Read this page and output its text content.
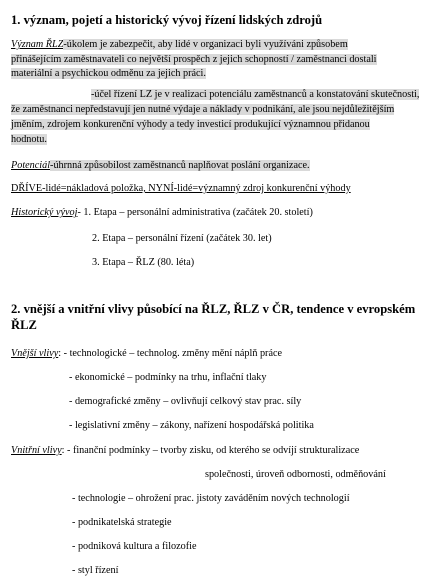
1. význam, pojetí a historický vývoj řízení lidských zdrojů
Význam ŘLZ-úkolem je zabezpečit, aby lidé v organizaci byli využíváni způsobem
přinášejícím zaměstnavateli co největší prospěch z jejich schopností / zaměstnanci dostali
materiální a psychickou odměnu za jejich práci.
-účel řízení LZ je v realizaci potenciálu zaměstnanců a konstatování skutečnosti,
že zaměstnanci nepředstavují jen nutné výdaje a náklady v podnikání, ale jsou nejdůležitějším
jměním, zdrojem konkurenční výhody a tedy investicí produkující významnou přidanou
hodnotu.
Potenciál-úhrnná způsobilost zaměstnanců naplňovat poslání organizace.
DŘÍVE-lidé=nákladová položka, NYNÍ-lidé=významný zdroj konkurenční výhody
Historický vývoj- 1. Etapa – personální administrativa (začátek 20. století)
2. Etapa – personální řízení (začátek 30. let)
3. Etapa – ŘLZ (80. léta)
2. vnější a vnitřní vlivy působící na ŘLZ, ŘLZ v ČR, tendence v evropském
ŘLZ
Vnější vlivy: - technologické – technolog. změny mění náplň práce
- ekonomické – podmínky na trhu, inflační tlaky
- demografické změny – ovlivňují celkový stav prac. síly
- legislativní změny – zákony, nařízení hospodářská politika
Vnitřní vlivy: - finanční podmínky – tvorby zisku, od kterého se odvíjí strukturalizace
společnosti, úroveň odbornosti, odměňování
- technologie – ohrožení prac. jistoty zaváděním nových technologií
- podnikatelská strategie
- podniková kultura a filozofie
- styl řízení
